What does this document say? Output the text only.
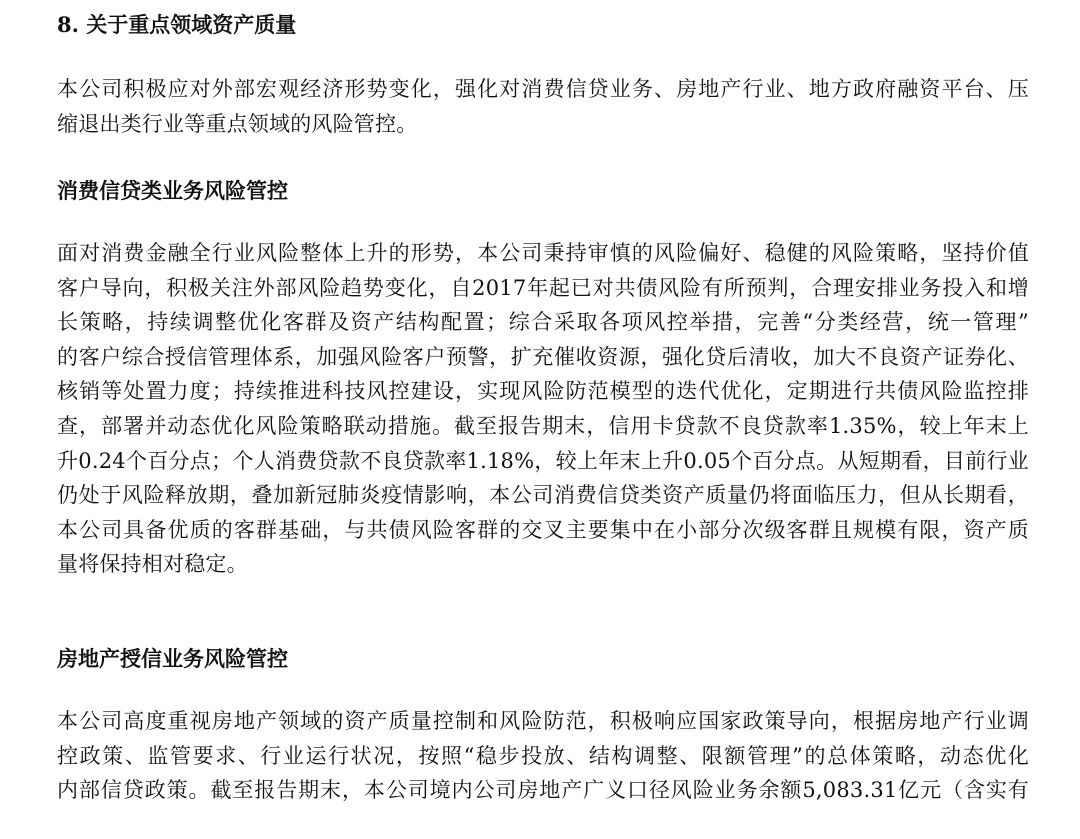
8. 关于重点领域资产质量

本公司积极应对外部宏观经济形势变化，强化对消费信贷业务、房地产行业、地方政府融资平台、压
缩退出类行业等重点领域的风险管控。

消费信贷类业务风险管控

面对消费金融全行业风险整体上升的形势，本公司秉持审慎的风险偏好、稳健的风险策略，坚持价值
客户导向，积极关注外部风险趋势变化，自2017年起已对共债风险有所预判，合理安排业务投入和增
长策略，持续调整优化客群及资产结构配置；综合采取各项风控举措，完善“分类经营，统一管理”
的客户综合授信管理体系，加强风险客户预警，扩充催收资源，强化贷后清收，加大不良资产证券化、
核销等处置力度；持续推进科技风控建设，实现风险防范模型的迭代优化，定期进行共债风险监控排
查，部署并动态优化风险策略联动措施。截至报告期末，信用卡贷款不良贷款率1.35%，较上年末上
升0.24个百分点；个人消费贷款不良贷款率1.18%，较上年末上升0.05个百分点。从短期看，目前行业
仍处于风险释放期，叠加新冠肺炎疫情影响，本公司消费信贷类资产质量仍将面临压力，但从长期看，
本公司具备优质的客群基础，与共债风险客群的交叉主要集中在小部分次级客群且规模有限，资产质
量将保持相对稳定。

房地产授信业务风险管控

本公司高度重视房地产领域的资产质量控制和风险防范，积极响应国家政策导向，根据房地产行业调
控政策、监管要求、行业运行状况，按照“稳步投放、结构调整、限额管理”的总体策略，动态优化
内部信贷政策。截至报告期末，本公司境内公司房地产广义口径风险业务余额5,083.31亿元（含实有
